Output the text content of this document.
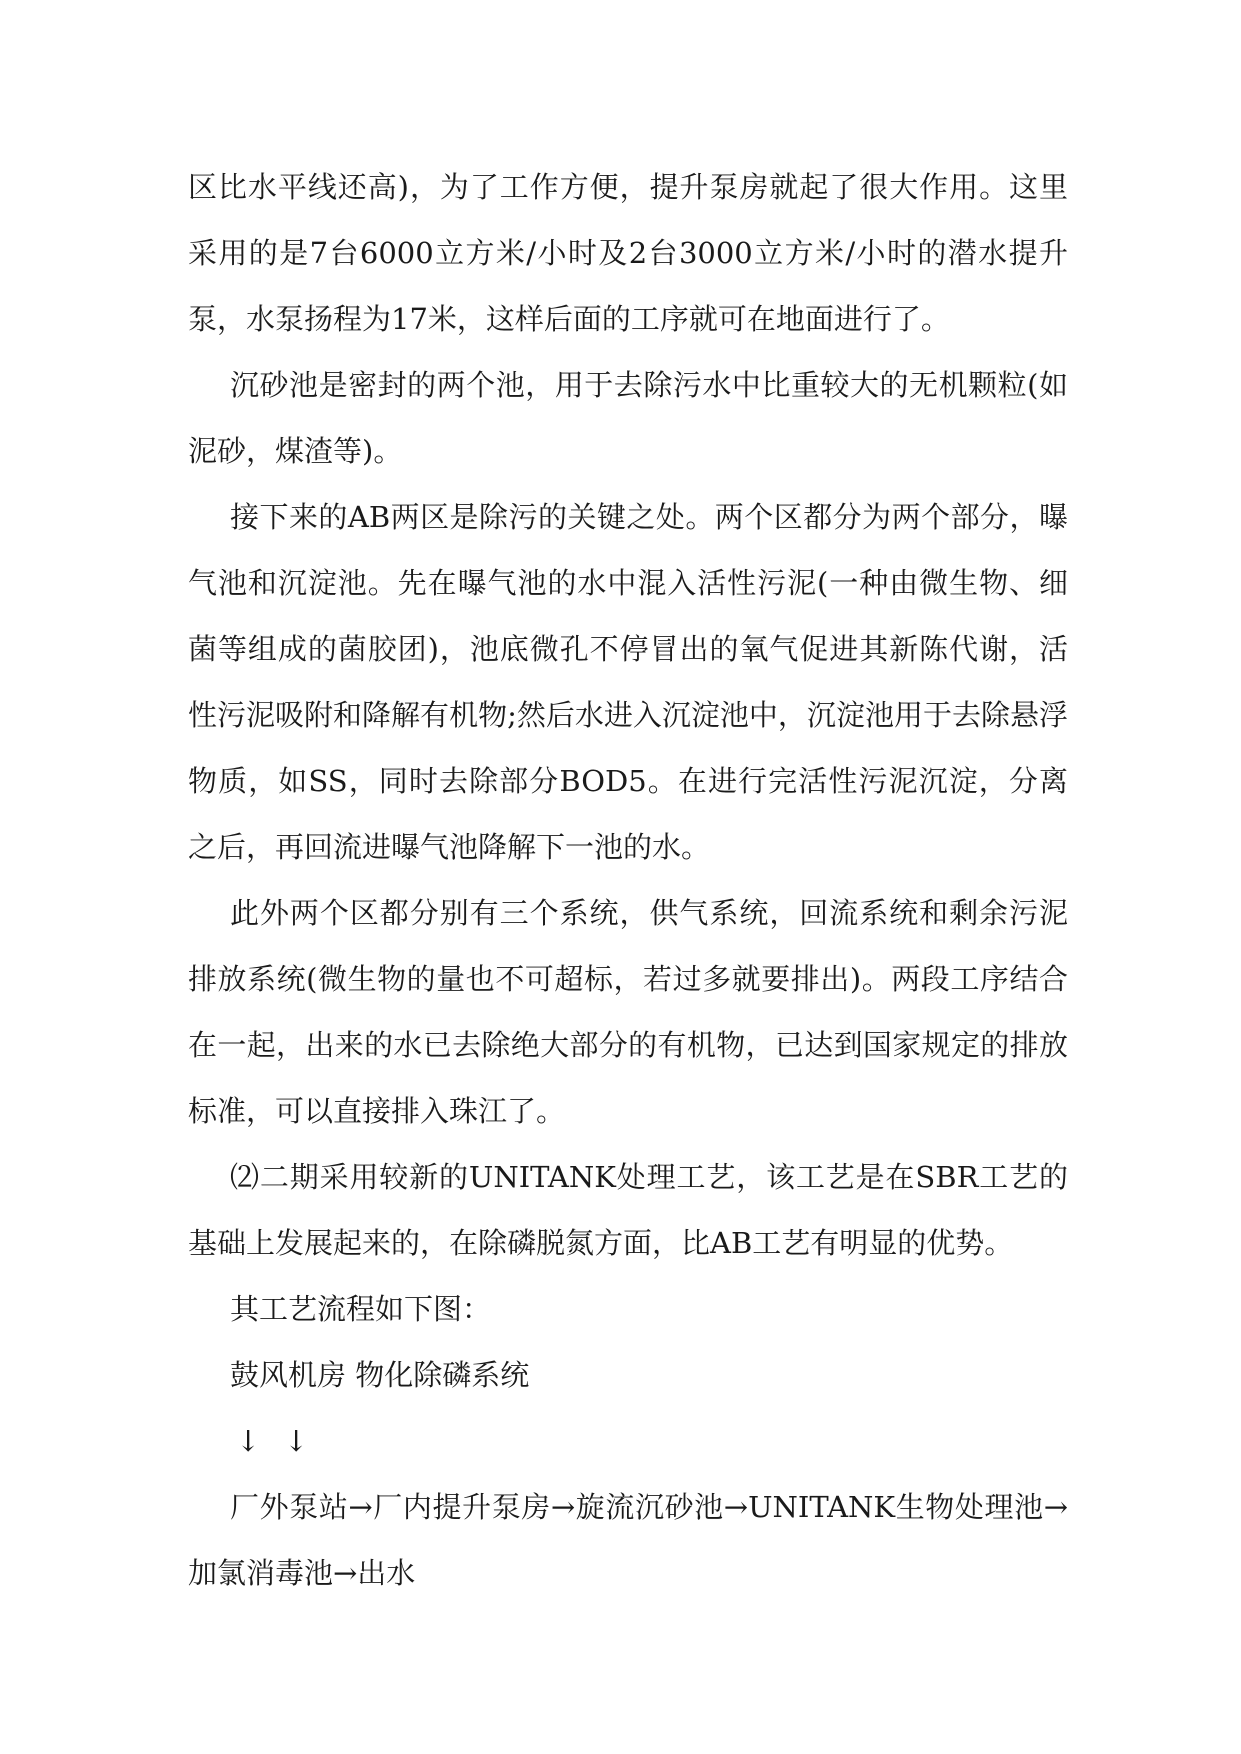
区比水平线还高)，为了工作方便，提升泵房就起了很大作用。这里采用的是7台6000立方米/小时及2台3000立方米/小时的潜水提升泵，水泵扬程为17米，这样后面的工序就可在地面进行了。

沉砂池是密封的两个池，用于去除污水中比重较大的无机颗粒(如泥砂，煤渣等)。

接下来的AB两区是除污的关键之处。两个区都分为两个部分，曝气池和沉淀池。先在曝气池的水中混入活性污泥(一种由微生物、细菌等组成的菌胶团)，池底微孔不停冒出的氧气促进其新陈代谢，活性污泥吸附和降解有机物;然后水进入沉淀池中，沉淀池用于去除悬浮物质，如SS，同时去除部分BOD5。在进行完活性污泥沉淀，分离之后，再回流进曝气池降解下一池的水。

此外两个区都分别有三个系统，供气系统，回流系统和剩余污泥排放系统(微生物的量也不可超标，若过多就要排出)。两段工序结合在一起，出来的水已去除绝大部分的有机物，已达到国家规定的排放标准，可以直接排入珠江了。

⑵二期采用较新的UNITANK处理工艺，该工艺是在SBR工艺的基础上发展起来的，在除磷脱氮方面，比AB工艺有明显的优势。

其工艺流程如下图：

鼓风机房 物化除磷系统

↓ ↓

厂外泵站→厂内提升泵房→旋流沉砂池→UNITANK生物处理池→加氯消毒池→出水
